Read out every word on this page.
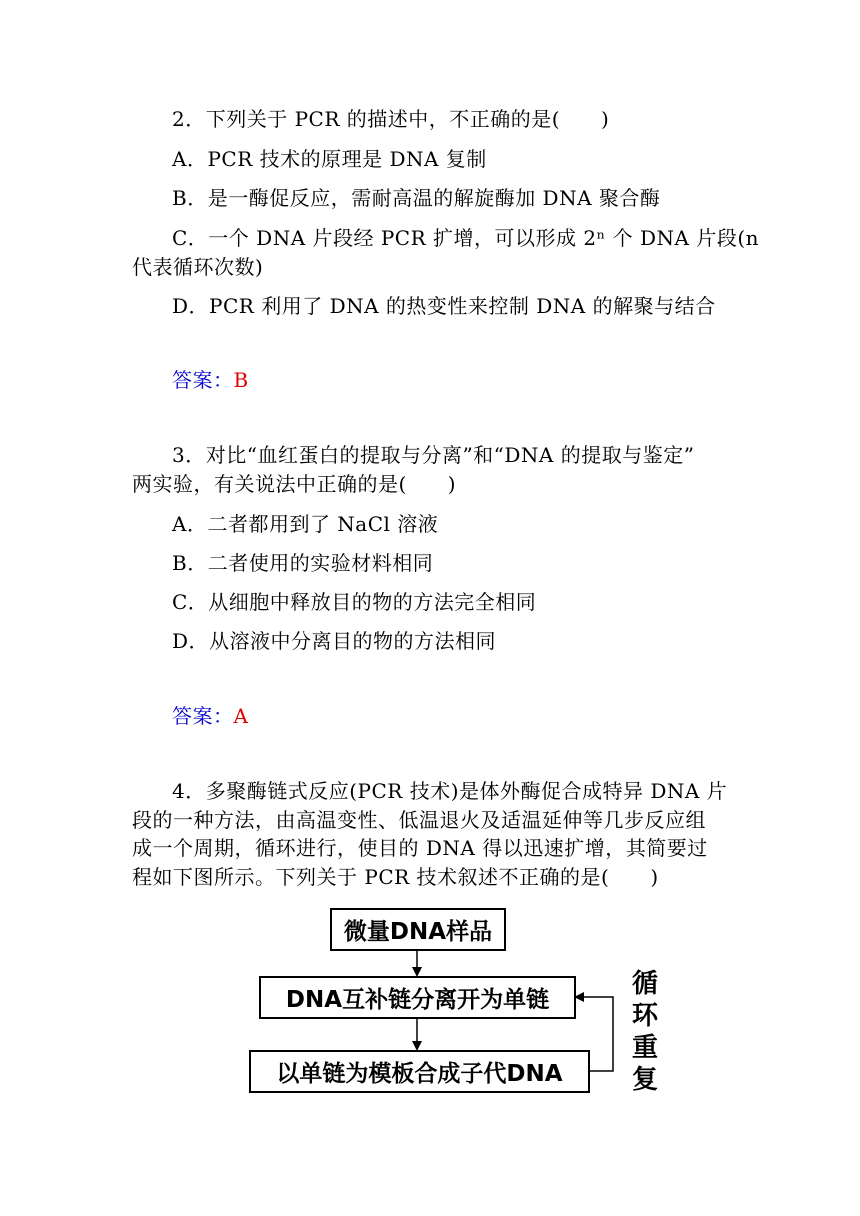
2．下列关于 PCR 的描述中，不正确的是(　　)
A．PCR 技术的原理是 DNA 复制
B．是一酶促反应，需耐高温的解旋酶加 DNA 聚合酶
C．一个 DNA 片段经 PCR 扩增，可以形成 2ⁿ 个 DNA 片段(n
代表循环次数)
D．PCR 利用了 DNA 的热变性来控制 DNA 的解聚与结合
答案：B
3．对比“血红蛋白的提取与分离”和“DNA 的提取与鉴定”
两实验，有关说法中正确的是(　　)
A．二者都用到了 NaCl 溶液
B．二者使用的实验材料相同
C．从细胞中释放目的物的方法完全相同
D．从溶液中分离目的物的方法相同
答案：A
4．多聚酶链式反应(PCR 技术)是体外酶促合成特异 DNA 片
段的一种方法，由高温变性、低温退火及适温延伸等几步反应组
成一个周期，循环进行，使目的 DNA 得以迅速扩增，其简要过
程如下图所示。下列关于 PCR 技术叙述不正确的是(　　)
微量DNA样品
DNA互补链分离开为单链
以单链为模板合成子代DNA
循环重复
